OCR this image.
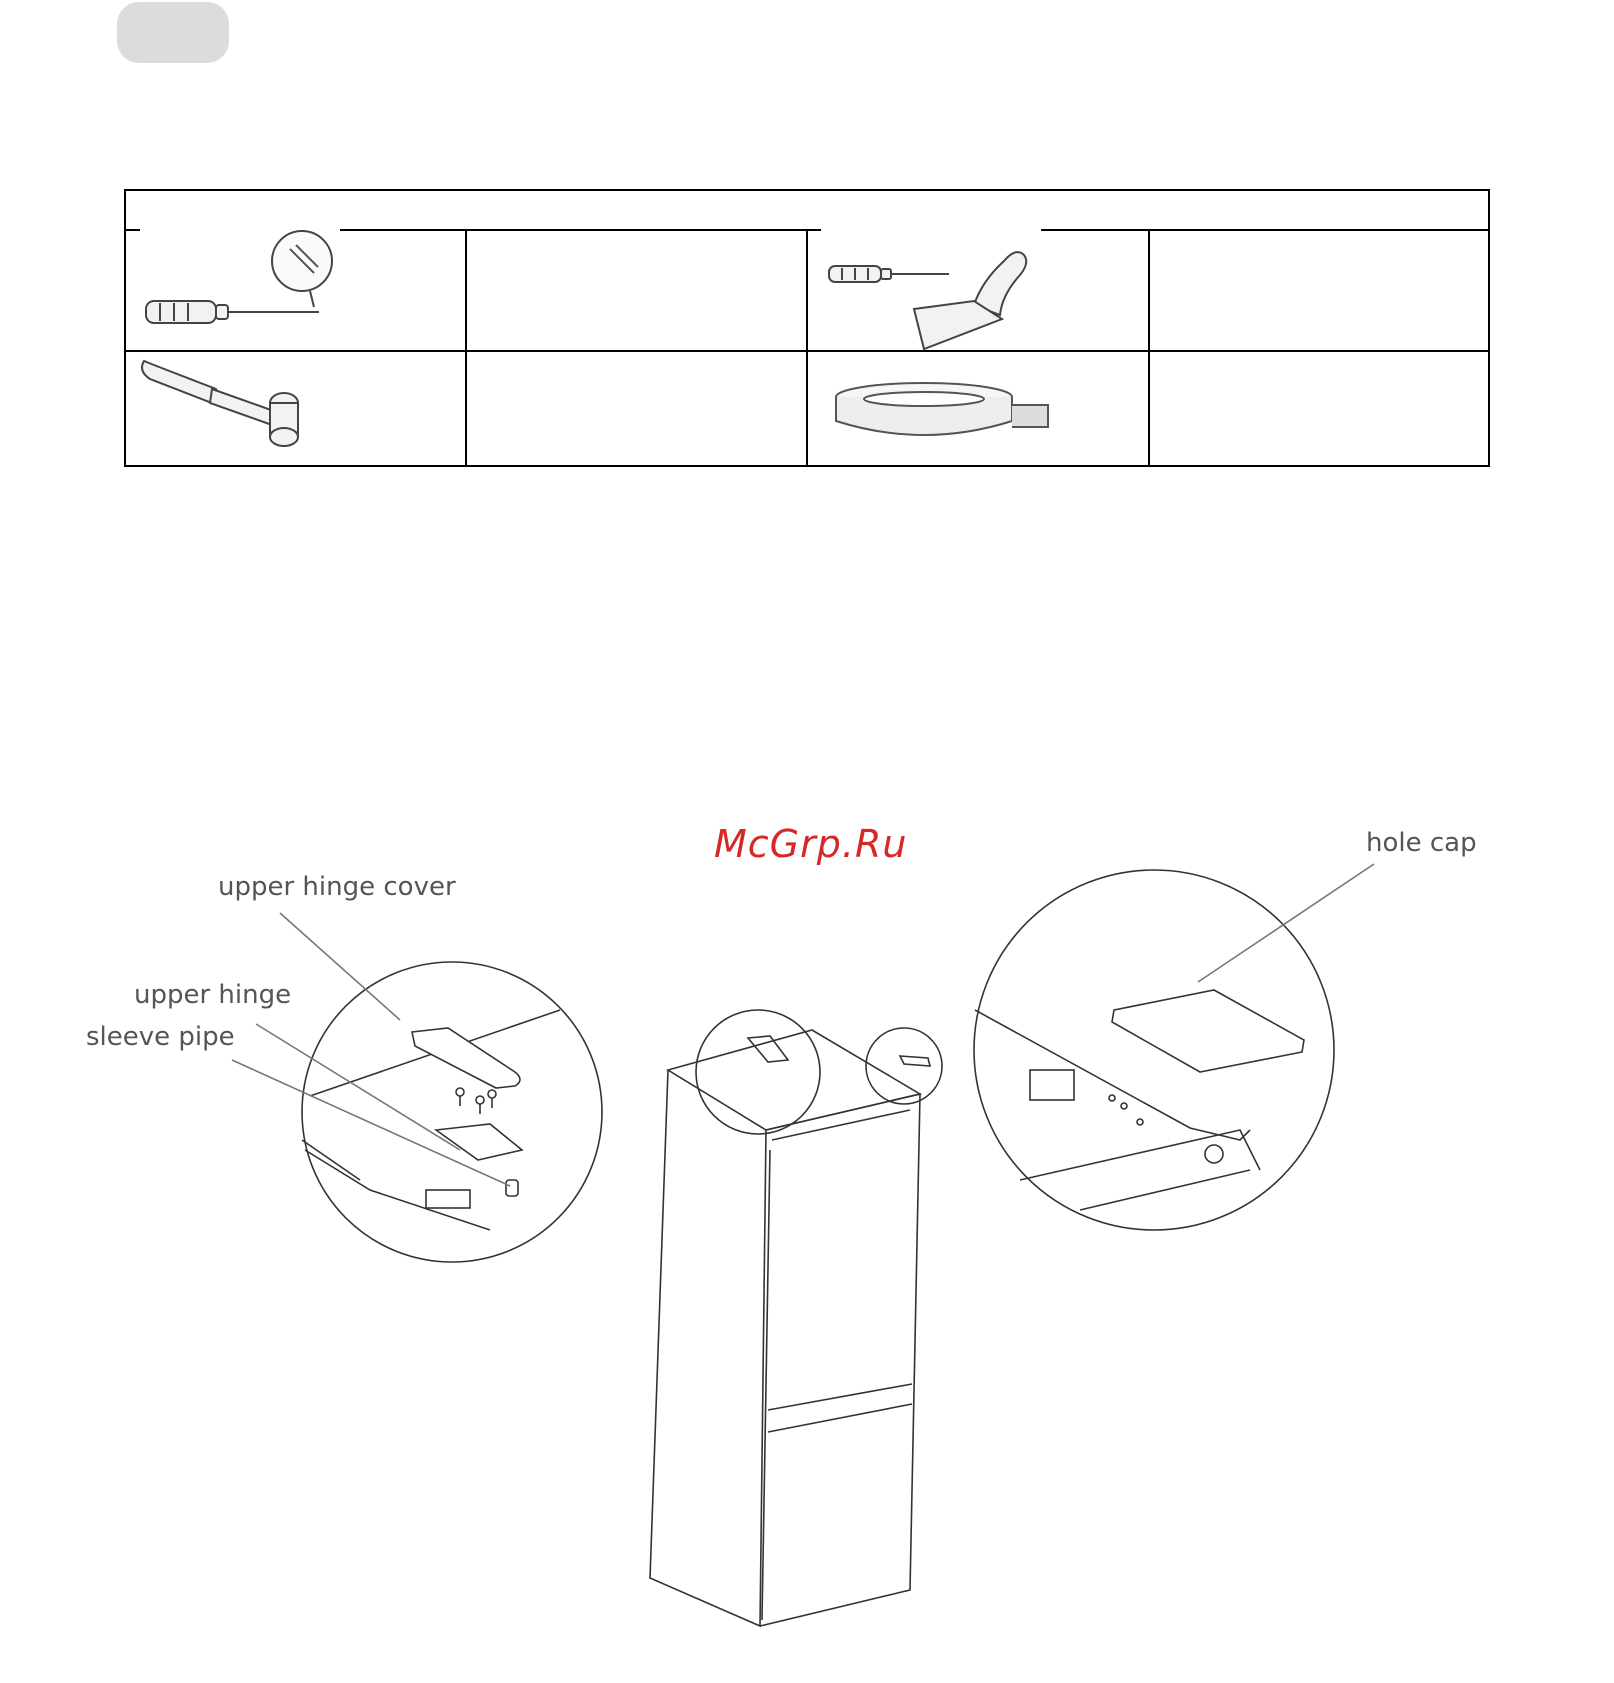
McGrp.Ru
upper hinge cover
upper hinge
sleeve pipe
hole cap
